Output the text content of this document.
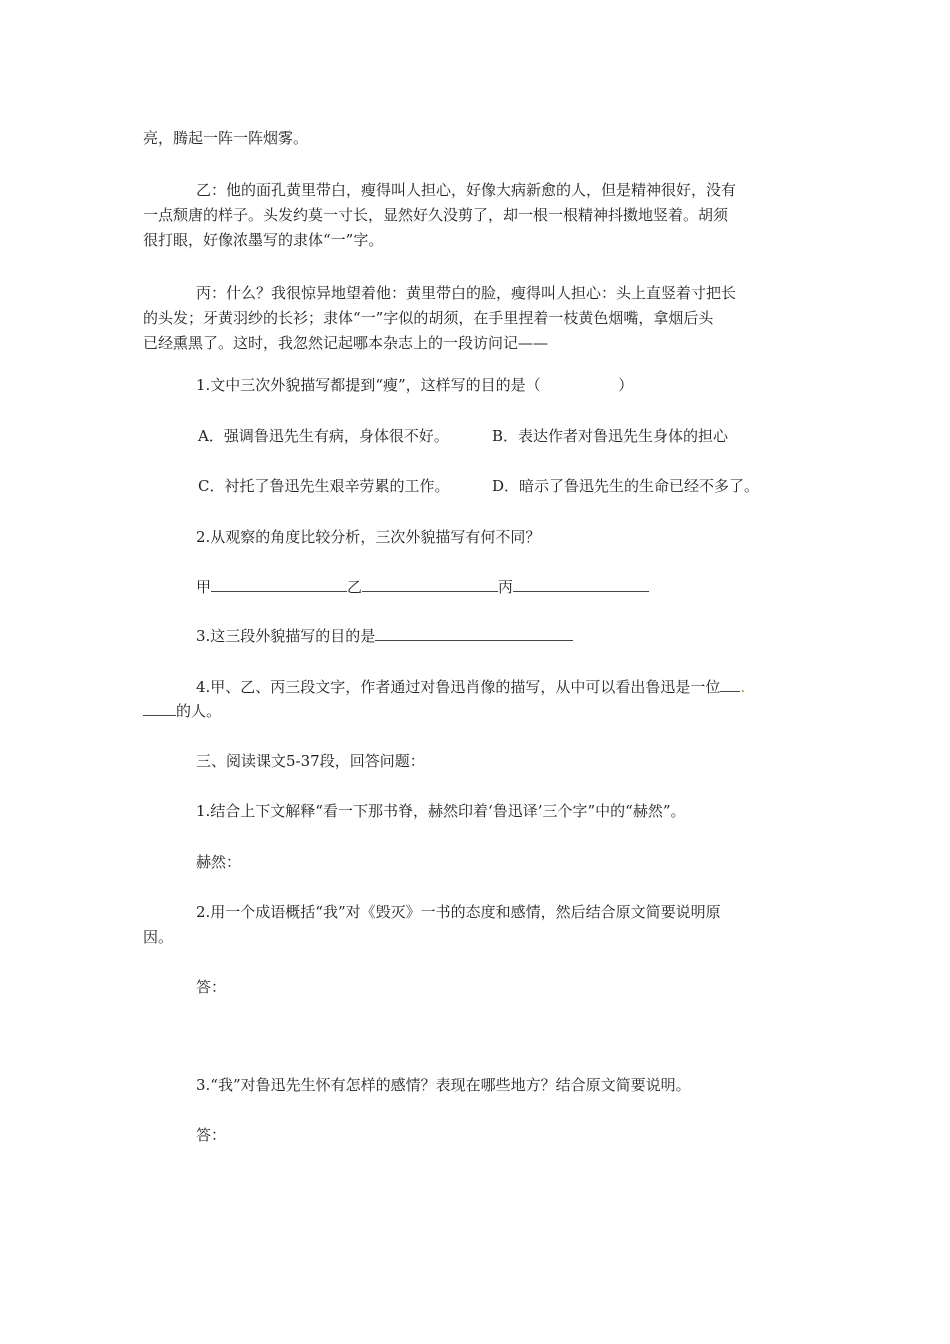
亮，腾起一阵一阵烟雾。
乙：他的面孔黄里带白，瘦得叫人担心，好像大病新愈的人，但是精神很好，没有
一点颓唐的样子。头发约莫一寸长，显然好久没剪了，却一根一根精神抖擞地竖着。胡须
很打眼，好像浓墨写的隶体“一”字。
丙：什么？我很惊异地望着他：黄里带白的脸，瘦得叫人担心：头上直竖着寸把长
的头发；牙黄羽纱的长衫；隶体“一”字似的胡须，在手里捏着一枝黄色烟嘴，拿烟后头
已经熏黑了。这时，我忽然记起哪本杂志上的一段访问记——
1.文中三次外貌描写都提到“瘦”，这样写的目的是（	）
A．强调鲁迅先生有病，身体很不好。	B．表达作者对鲁迅先生身体的担心
C．衬托了鲁迅先生艰辛劳累的工作。	D．暗示了鲁迅先生的生命已经不多了。
2.从观察的角度比较分析，三次外貌描写有何不同？
甲	乙	丙
3.这三段外貌描写的目的是
4.甲、乙、丙三段文字，作者通过对鲁迅肖像的描写，从中可以看出鲁迅是一位 .
的人。
三、阅读课文5-37段，回答问题：
1.结合上下文解释“看一下那书脊，赫然印着‘鲁迅译’三个字”中的“赫然”。
赫然：
2.用一个成语概括“我”对《毁灭》一书的态度和感情，然后结合原文简要说明原
因。
答：
3.“我”对鲁迅先生怀有怎样的感情？表现在哪些地方？结合原文简要说明。
答：
